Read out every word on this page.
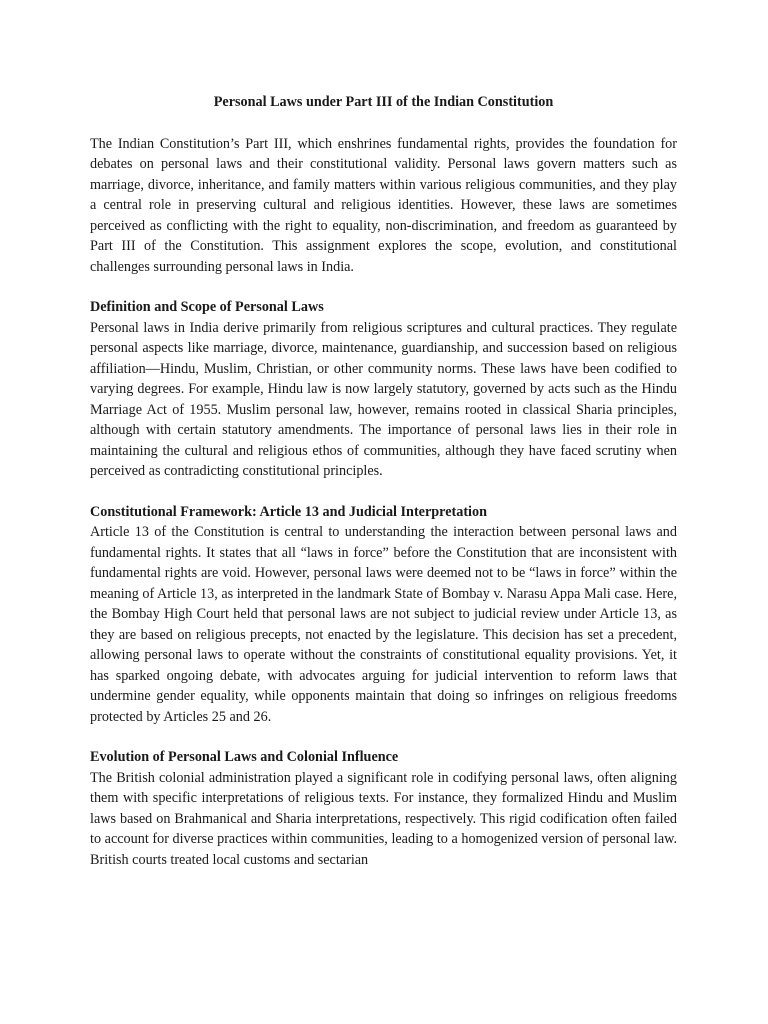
Personal Laws under Part III of the Indian Constitution

The Indian Constitution’s Part III, which enshrines fundamental rights, provides the foundation for debates on personal laws and their constitutional validity. Personal laws govern matters such as marriage, divorce, inheritance, and family matters within various religious communities, and they play a central role in preserving cultural and religious identities. However, these laws are sometimes perceived as conflicting with the right to equality, non-discrimination, and freedom as guaranteed by Part III of the Constitution. This assignment explores the scope, evolution, and constitutional challenges surrounding personal laws in India.

Definition and Scope of Personal Laws

Personal laws in India derive primarily from religious scriptures and cultural practices. They regulate personal aspects like marriage, divorce, maintenance, guardianship, and succession based on religious affiliation—Hindu, Muslim, Christian, or other community norms. These laws have been codified to varying degrees. For example, Hindu law is now largely statutory, governed by acts such as the Hindu Marriage Act of 1955. Muslim personal law, however, remains rooted in classical Sharia principles, although with certain statutory amendments. The importance of personal laws lies in their role in maintaining the cultural and religious ethos of communities, although they have faced scrutiny when perceived as contradicting constitutional principles.

Constitutional Framework: Article 13 and Judicial Interpretation

Article 13 of the Constitution is central to understanding the interaction between personal laws and fundamental rights. It states that all “laws in force” before the Constitution that are inconsistent with fundamental rights are void. However, personal laws were deemed not to be “laws in force” within the meaning of Article 13, as interpreted in the landmark State of Bombay v. Narasu Appa Mali case. Here, the Bombay High Court held that personal laws are not subject to judicial review under Article 13, as they are based on religious precepts, not enacted by the legislature. This decision has set a precedent, allowing personal laws to operate without the constraints of constitutional equality provisions. Yet, it has sparked ongoing debate, with advocates arguing for judicial intervention to reform laws that undermine gender equality, while opponents maintain that doing so infringes on religious freedoms protected by Articles 25 and 26.

Evolution of Personal Laws and Colonial Influence

The British colonial administration played a significant role in codifying personal laws, often aligning them with specific interpretations of religious texts. For instance, they formalized Hindu and Muslim laws based on Brahmanical and Sharia interpretations, respectively. This rigid codification often failed to account for diverse practices within communities, leading to a homogenized version of personal law. British courts treated local customs and sectarian
